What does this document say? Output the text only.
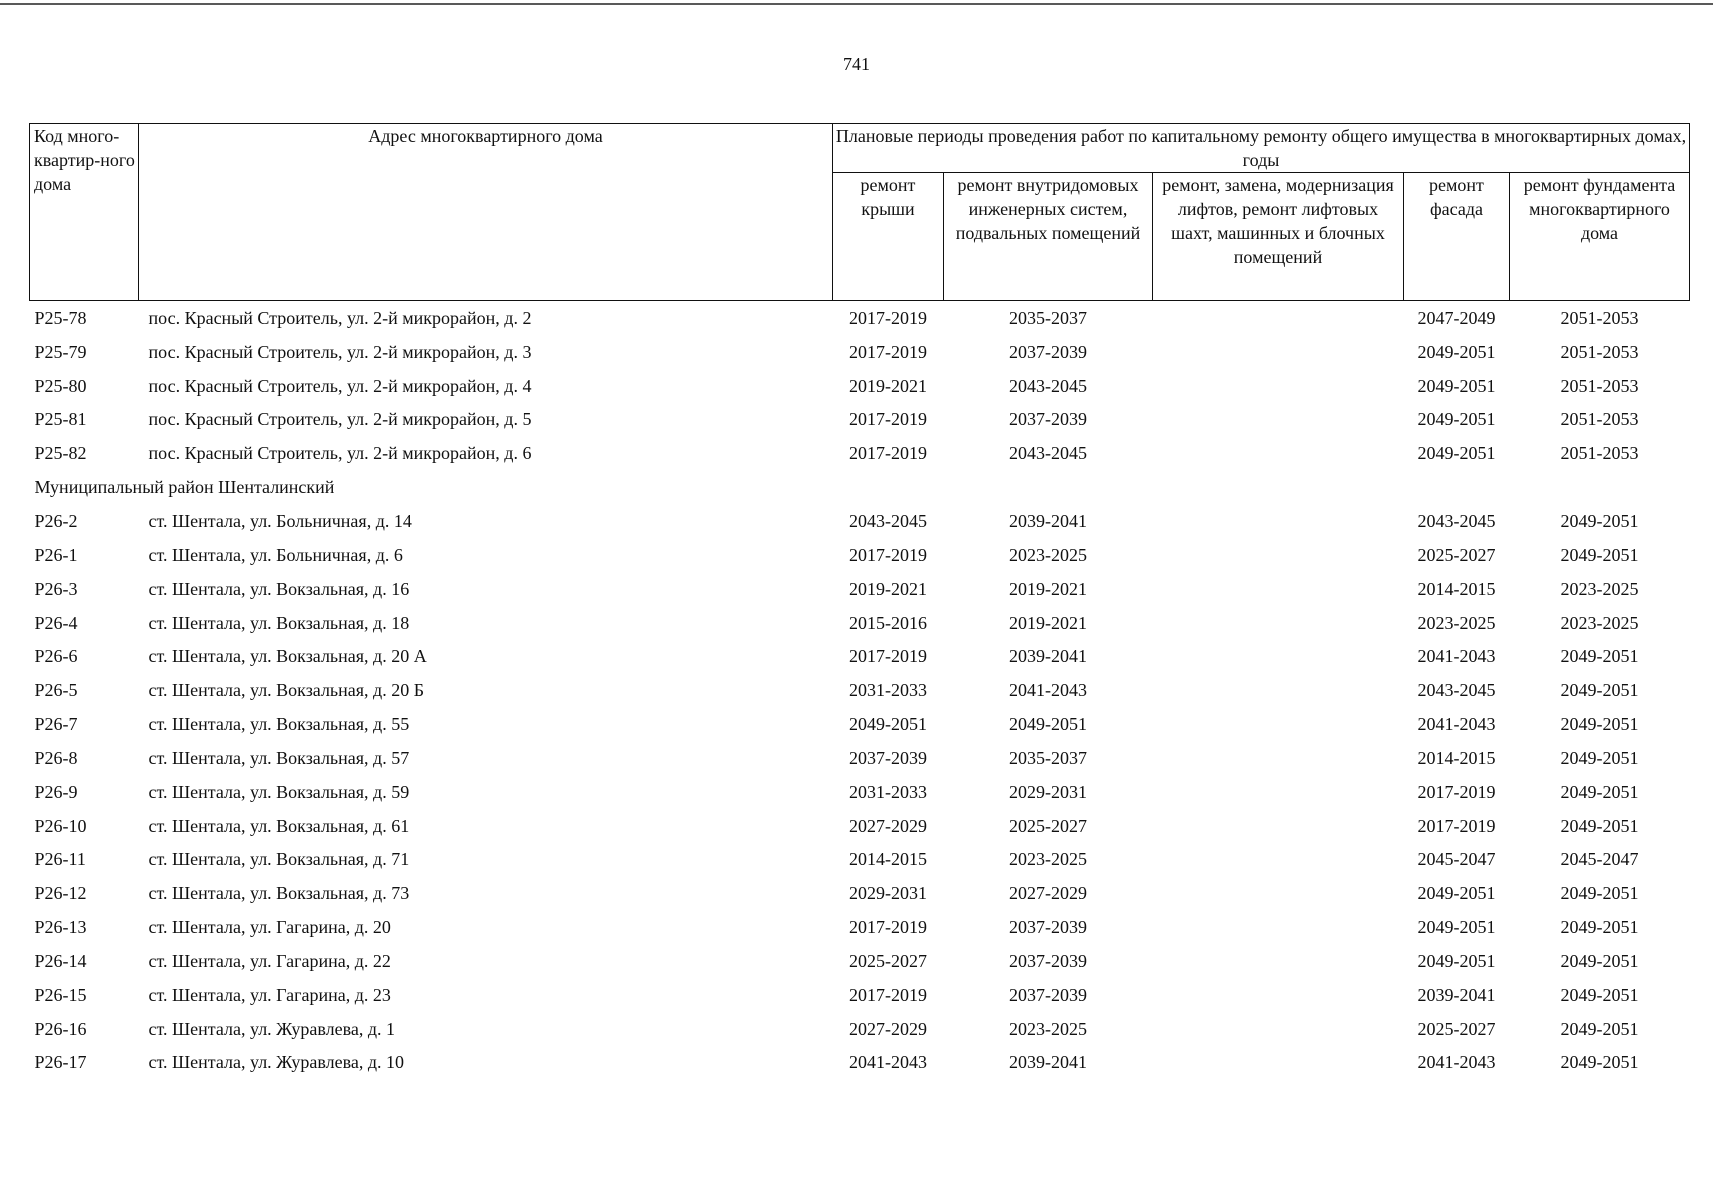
741
Код много-квартир-ного дома	Адрес многоквартирного дома	Плановые периоды проведения работ по капитальному ремонту общего имущества в многоквартирных домах, годы				
		ремонт крыши	ремонт внутридомовых инженерных систем, подвальных помещений	ремонт, замена, модернизация лифтов, ремонт лифтовых шахт, машинных и блочных помещений	ремонт фасада	ремонт фундамента многоквартирного дома
P25-78	пос. Красный Строитель, ул. 2-й микрорайон, д. 2	2017-2019	2035-2037		2047-2049	2051-2053
P25-79	пос. Красный Строитель, ул. 2-й микрорайон, д. 3	2017-2019	2037-2039		2049-2051	2051-2053
P25-80	пос. Красный Строитель, ул. 2-й микрорайон, д. 4	2019-2021	2043-2045		2049-2051	2051-2053
P25-81	пос. Красный Строитель, ул. 2-й микрорайон, д. 5	2017-2019	2037-2039		2049-2051	2051-2053
P25-82	пос. Красный Строитель, ул. 2-й микрорайон, д. 6	2017-2019	2043-2045		2049-2051	2051-2053
Муниципальный район Шенталинский						
P26-2	ст. Шентала, ул. Больничная, д. 14	2043-2045	2039-2041		2043-2045	2049-2051
P26-1	ст. Шентала, ул. Больничная, д. 6	2017-2019	2023-2025		2025-2027	2049-2051
P26-3	ст. Шентала, ул. Вокзальная, д. 16	2019-2021	2019-2021		2014-2015	2023-2025
P26-4	ст. Шентала, ул. Вокзальная, д. 18	2015-2016	2019-2021		2023-2025	2023-2025
P26-6	ст. Шентала, ул. Вокзальная, д. 20 А	2017-2019	2039-2041		2041-2043	2049-2051
P26-5	ст. Шентала, ул. Вокзальная, д. 20 Б	2031-2033	2041-2043		2043-2045	2049-2051
P26-7	ст. Шентала, ул. Вокзальная, д. 55	2049-2051	2049-2051		2041-2043	2049-2051
P26-8	ст. Шентала, ул. Вокзальная, д. 57	2037-2039	2035-2037		2014-2015	2049-2051
P26-9	ст. Шентала, ул. Вокзальная, д. 59	2031-2033	2029-2031		2017-2019	2049-2051
P26-10	ст. Шентала, ул. Вокзальная, д. 61	2027-2029	2025-2027		2017-2019	2049-2051
P26-11	ст. Шентала, ул. Вокзальная, д. 71	2014-2015	2023-2025		2045-2047	2045-2047
P26-12	ст. Шентала, ул. Вокзальная, д. 73	2029-2031	2027-2029		2049-2051	2049-2051
P26-13	ст. Шентала, ул. Гагарина, д. 20	2017-2019	2037-2039		2049-2051	2049-2051
P26-14	ст. Шентала, ул. Гагарина, д. 22	2025-2027	2037-2039		2049-2051	2049-2051
P26-15	ст. Шентала, ул. Гагарина, д. 23	2017-2019	2037-2039		2039-2041	2049-2051
P26-16	ст. Шентала, ул. Журавлева, д. 1	2027-2029	2023-2025		2025-2027	2049-2051
P26-17	ст. Шентала, ул. Журавлева, д. 10	2041-2043	2039-2041		2041-2043	2049-2051
